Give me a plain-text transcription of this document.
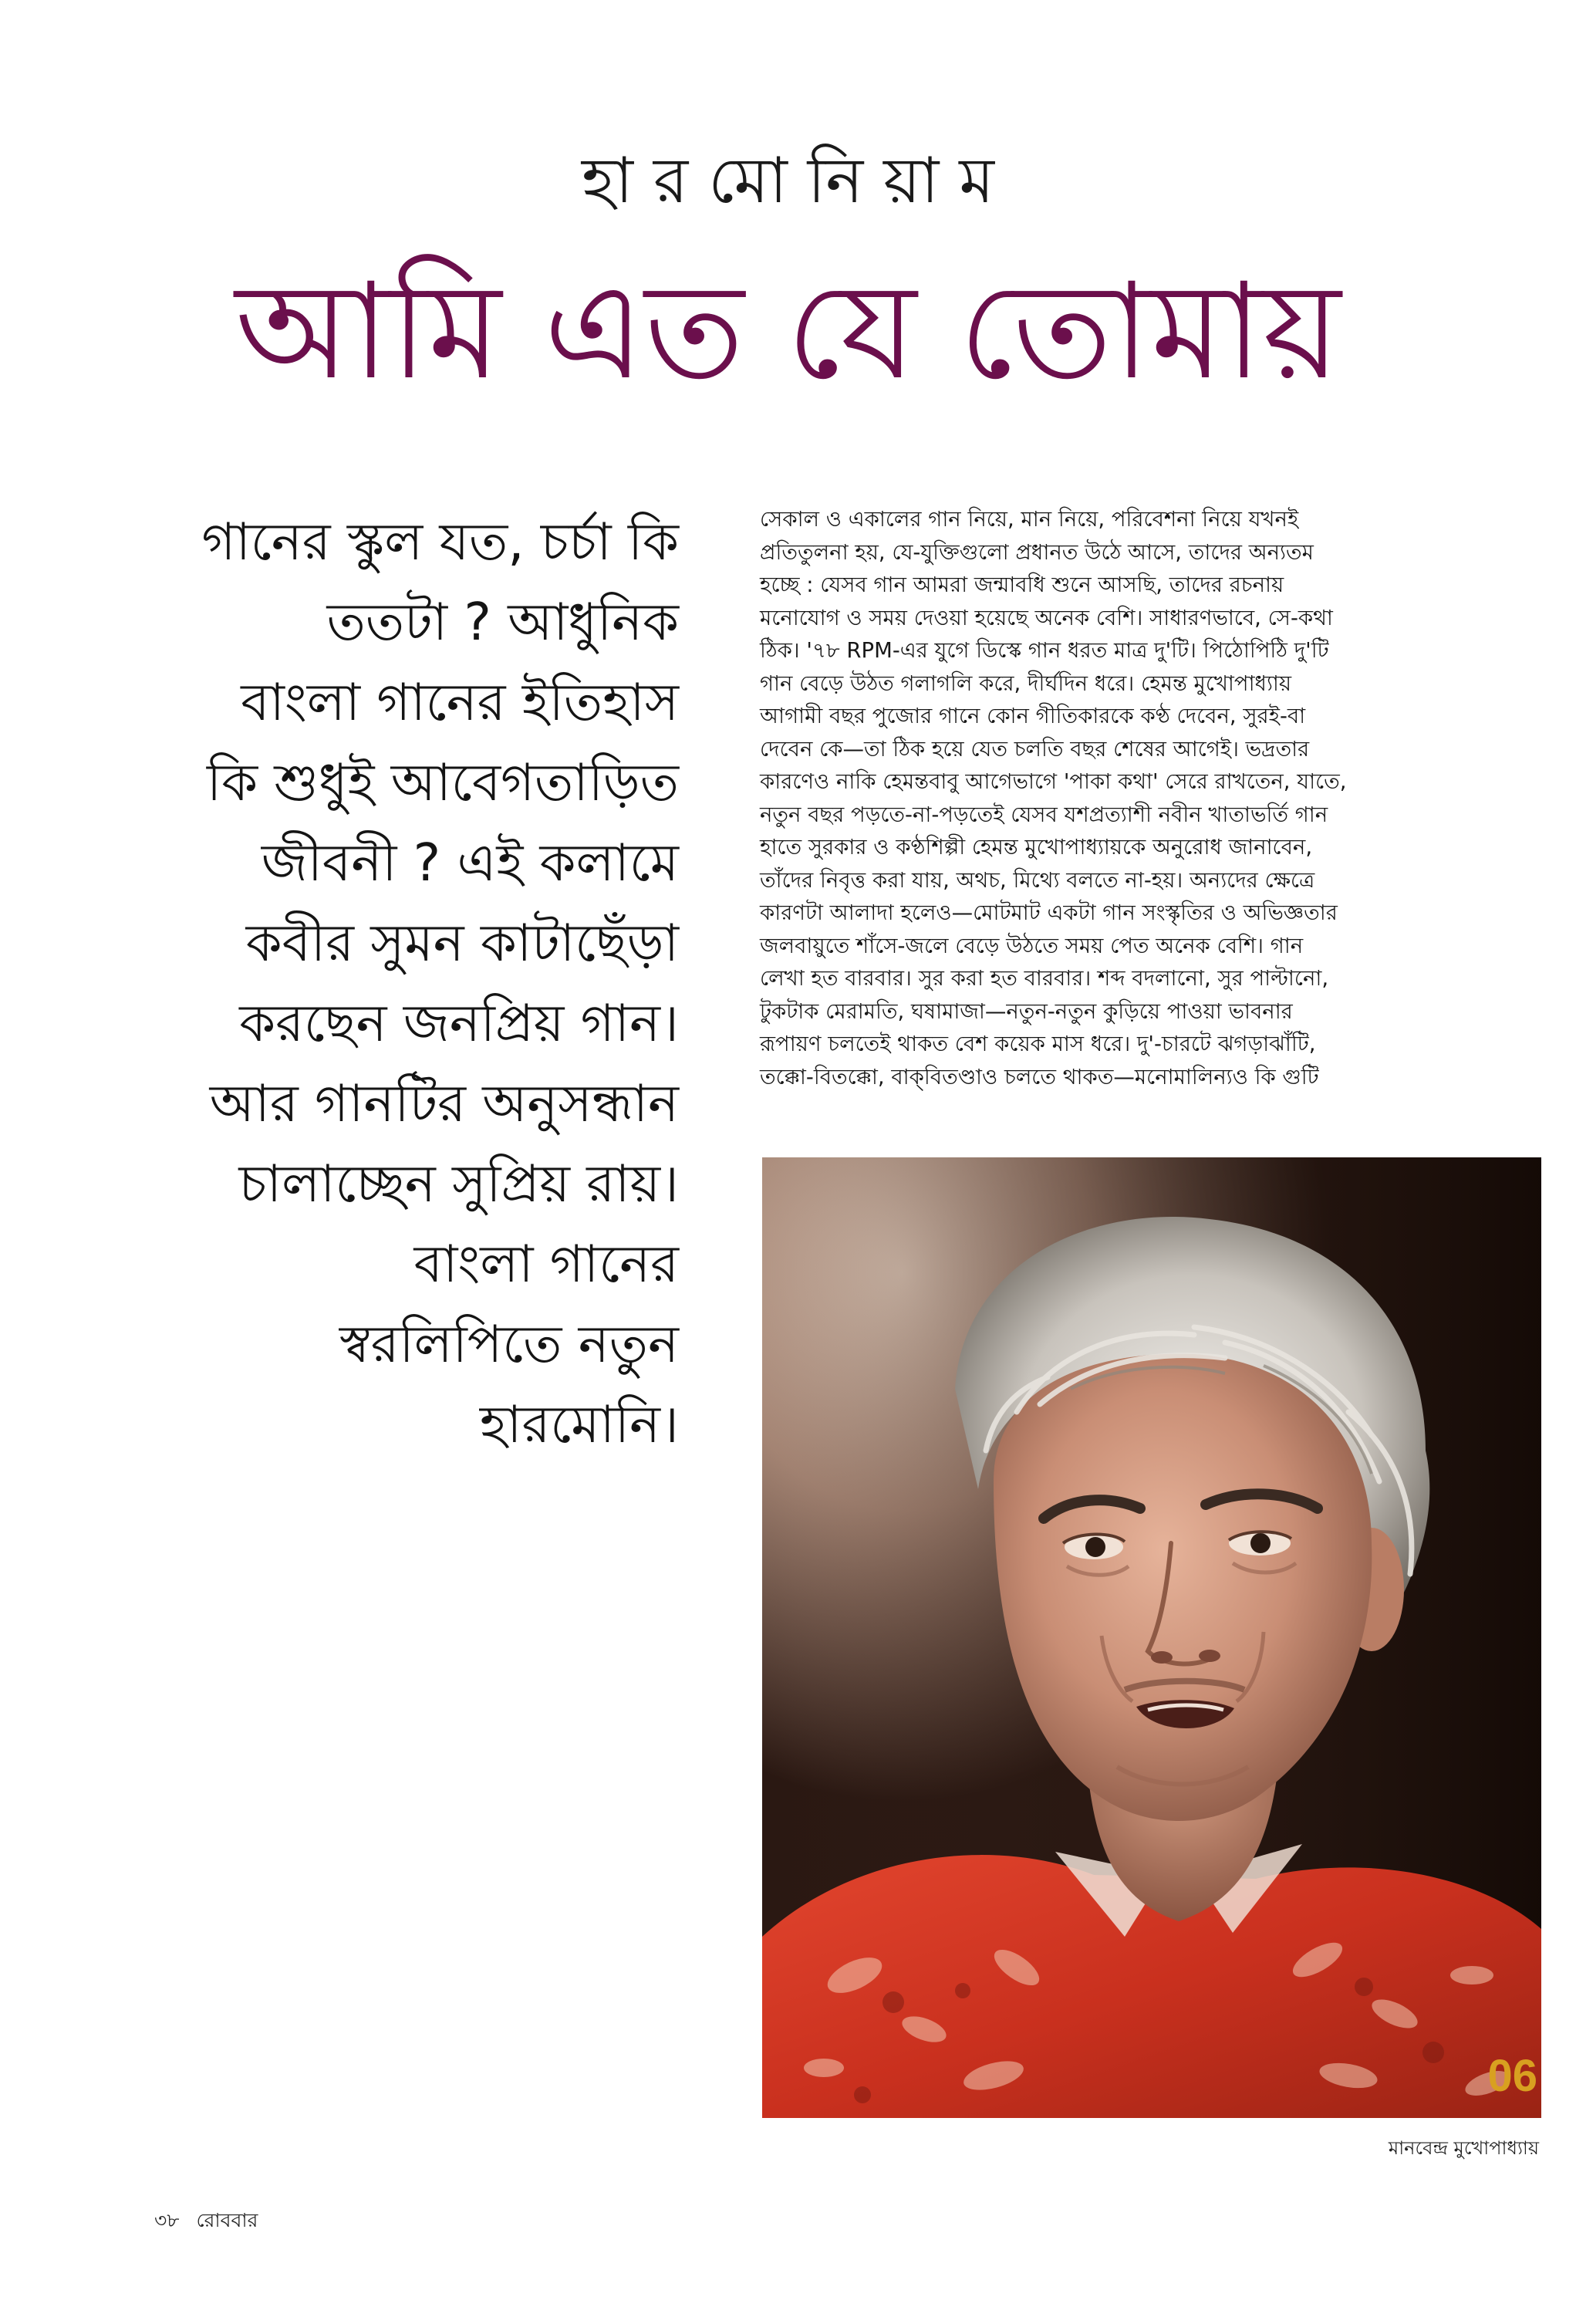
হা র মো নি য়া ম
আমি এত যে তোমায়
গানের স্কুল যত, চর্চা কি
ততটা ? আধুনিক
বাংলা গানের ইতিহাস
কি শুধুই আবেগতাড়িত
জীবনী ? এই কলামে
কবীর সুমন কাটাছেঁড়া
করছেন জনপ্রিয় গান।
আর গানটির অনুসন্ধান
চালাচ্ছেন সুপ্রিয় রায়।
বাংলা গানের
স্বরলিপিতে নতুন
হারমোনি।
সেকাল ও একালের গান নিয়ে, মান নিয়ে, পরিবেশনা নিয়ে যখনই
প্রতিতুলনা হয়, যে-যুক্তিগুলো প্রধানত উঠে আসে, তাদের অন্যতম
হচ্ছে : যেসব গান আমরা জন্মাবধি শুনে আসছি, তাদের রচনায়
মনোযোগ ও সময় দেওয়া হয়েছে অনেক বেশি। সাধারণভাবে, সে-কথা
ঠিক। '৭৮ RPM-এর যুগে ডিস্কে গান ধরত মাত্র দু'টি। পিঠোপিঠি দু'টি
গান বেড়ে উঠত গলাগলি করে, দীর্ঘদিন ধরে। হেমন্ত মুখোপাধ্যায়
আগামী বছর পুজোর গানে কোন গীতিকারকে কণ্ঠ দেবেন, সুরই-বা
দেবেন কে—তা ঠিক হয়ে যেত চলতি বছর শেষের আগেই। ভদ্রতার
কারণেও নাকি হেমন্তবাবু আগেভাগে 'পাকা কথা' সেরে রাখতেন, যাতে,
নতুন বছর পড়তে-না-পড়তেই যেসব যশপ্রত্যাশী নবীন খাতাভর্তি গান
হাতে সুরকার ও কণ্ঠশিল্পী হেমন্ত মুখোপাধ্যায়কে অনুরোধ জানাবেন,
তাঁদের নিবৃত্ত করা যায়, অথচ, মিথ্যে বলতে না-হয়। অন্যদের ক্ষেত্রে
কারণটা আলাদা হলেও—মোটমাট একটা গান সংস্কৃতির ও অভিজ্ঞতার
জলবায়ুতে শাঁসে-জলে বেড়ে উঠতে সময় পেত অনেক বেশি। গান
লেখা হত বারবার। সুর করা হত বারবার। শব্দ বদলানো, সুর পাল্টানো,
টুকটাক মেরামতি, ঘষামাজা—নতুন-নতুন কুড়িয়ে পাওয়া ভাবনার
রূপায়ণ চলতেই থাকত বেশ কয়েক মাস ধরে। দু'-চারটে ঝগড়াঝাঁটি,
তক্কো-বিতক্কো, বাক্‌বিতণ্ডাও চলতে থাকত—মনোমালিন্যও কি গুটি
06
মানবেন্দ্র মুখোপাধ্যায়
৩৮ রোববার
